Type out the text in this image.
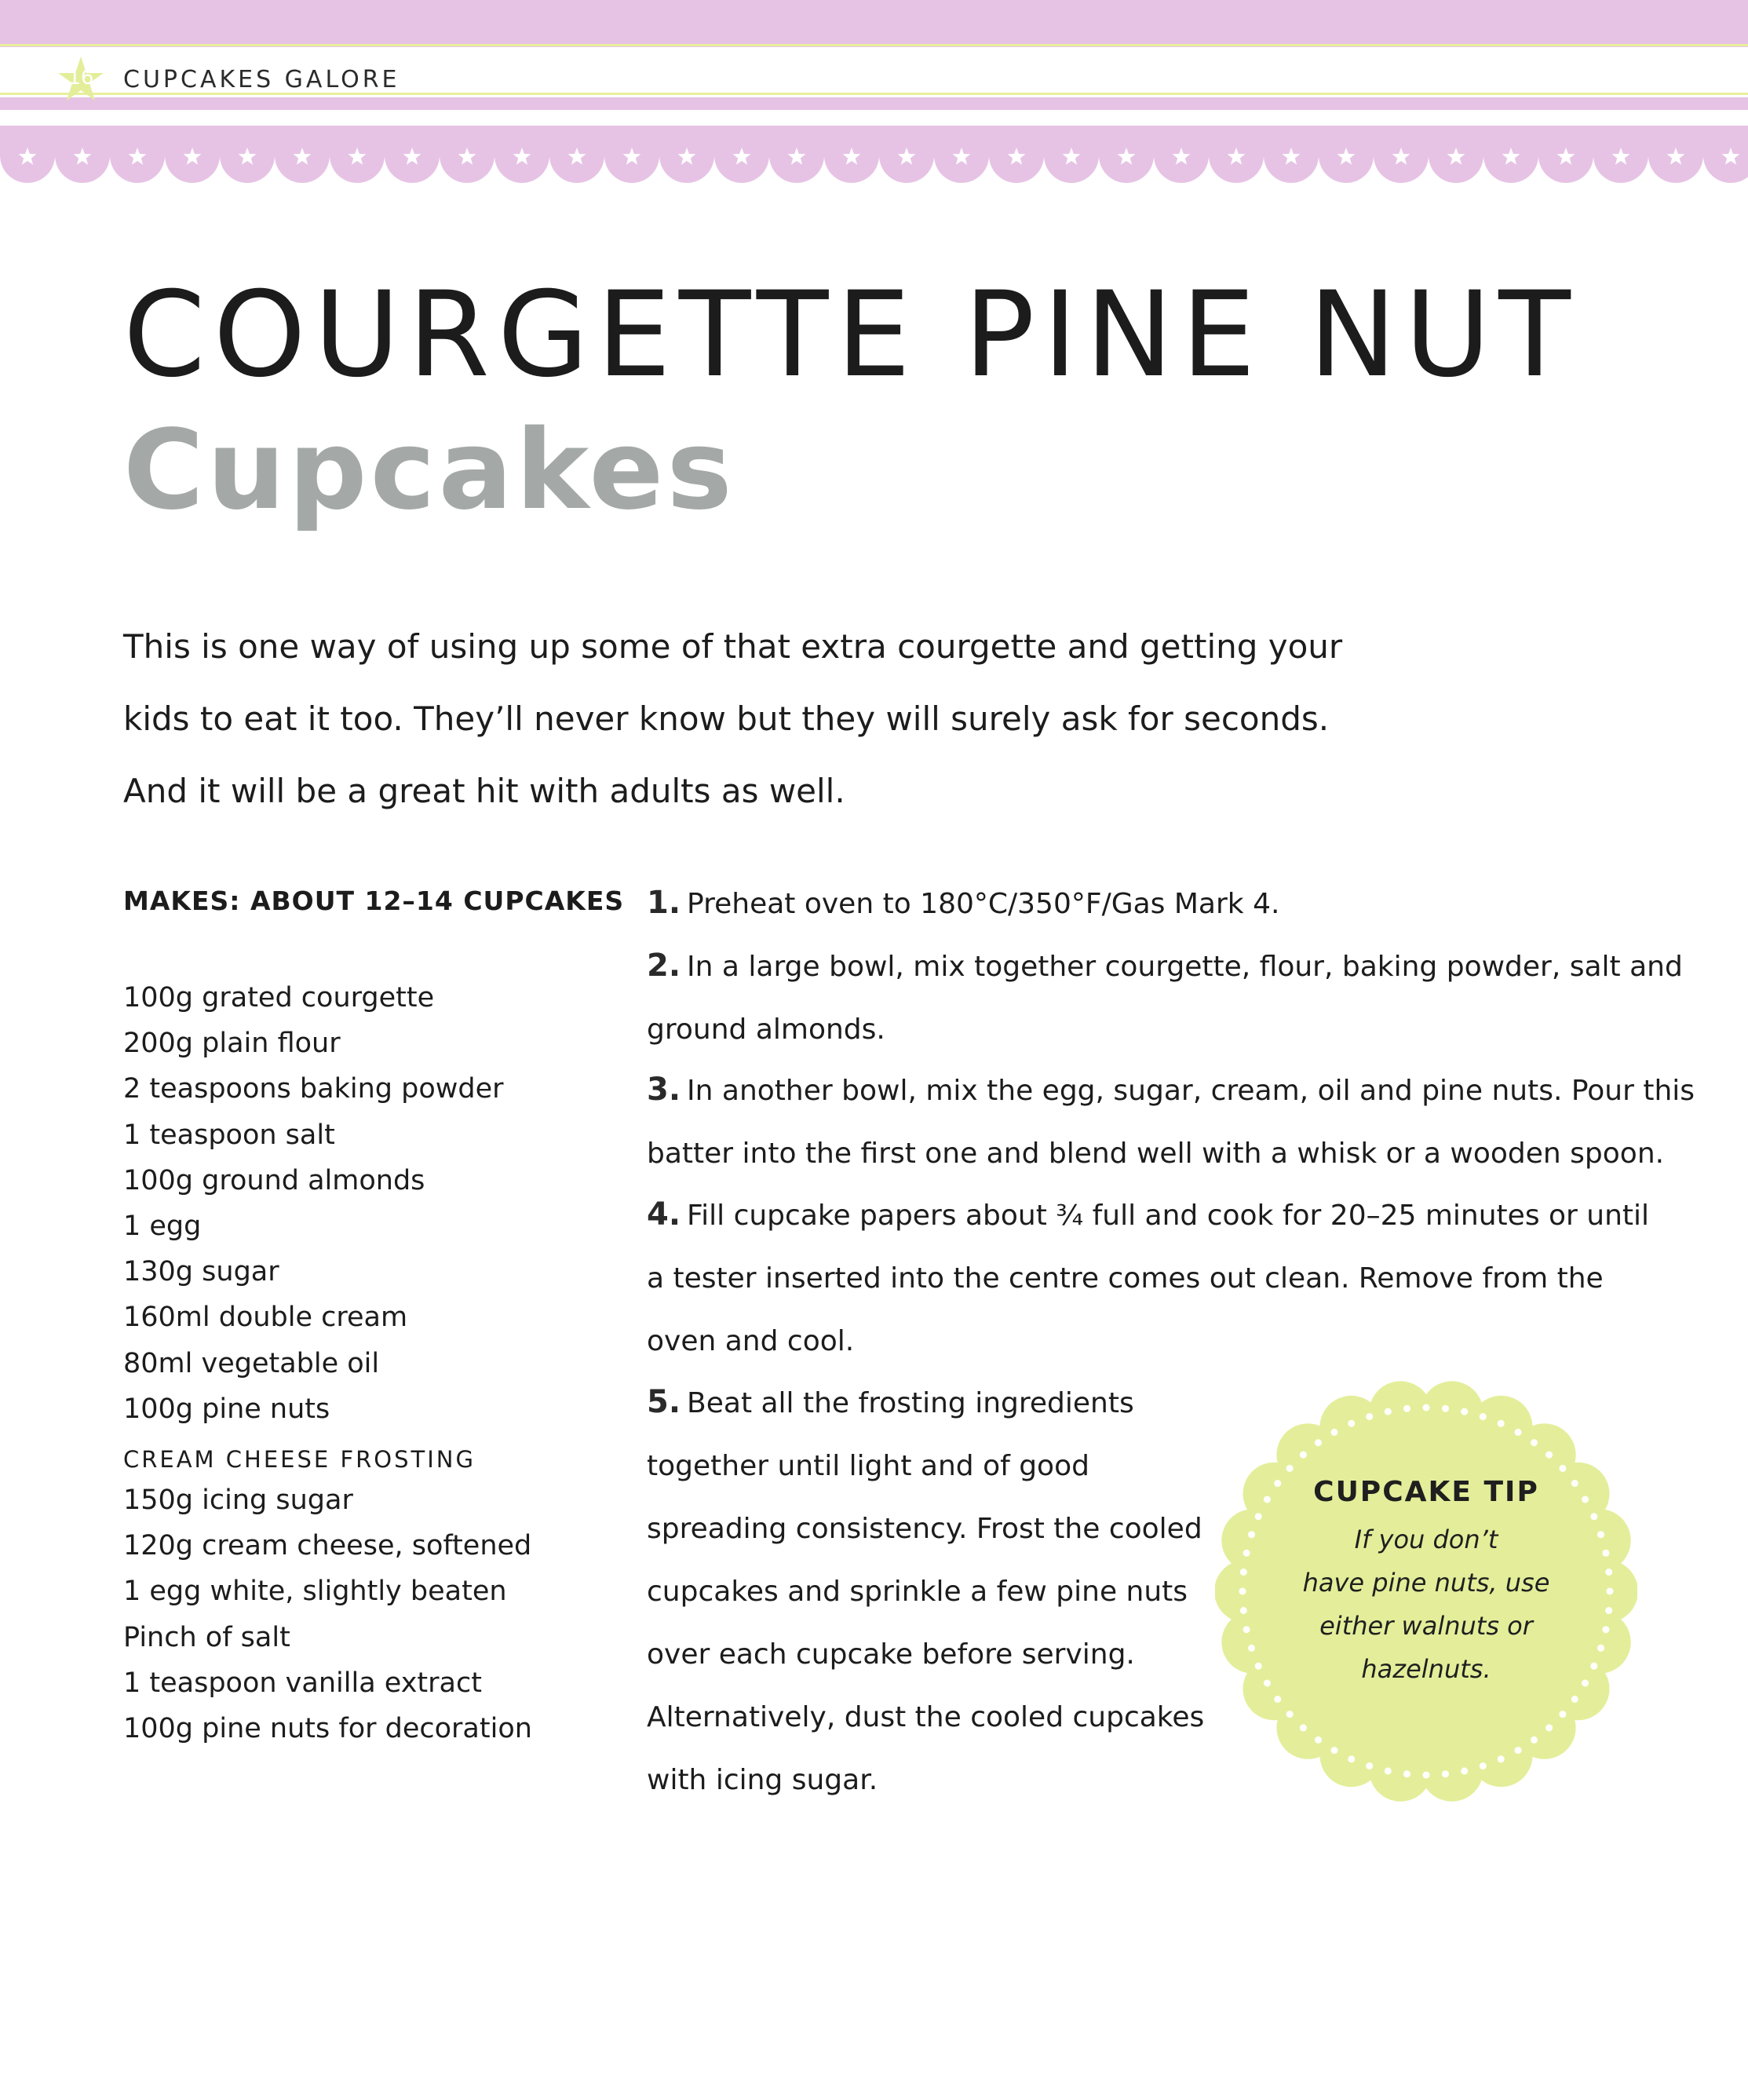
16	CUPCAKES GALORE
COURGETTE PINE NUT
Cupcakes

This is one way of using up some of that extra courgette and getting your
kids to eat it too. They’ll never know but they will surely ask for seconds.
And it will be a great hit with adults as well.

MAKES: ABOUT 12–14 CUPCAKES
100g grated courgette
200g plain flour
2 teaspoons baking powder
1 teaspoon salt
100g ground almonds
1 egg
130g sugar
160ml double cream
80ml vegetable oil
100g pine nuts
CREAM CHEESE FROSTING
150g icing sugar
120g cream cheese, softened
1 egg white, slightly beaten
Pinch of salt
1 teaspoon vanilla extract
100g pine nuts for decoration
1. Preheat oven to 180°C/350°F/Gas Mark 4.
2. In a large bowl, mix together courgette, flour, baking powder, salt and
ground almonds.
3. In another bowl, mix the egg, sugar, cream, oil and pine nuts. Pour this
batter into the first one and blend well with a whisk or a wooden spoon.
4. Fill cupcake papers about ¾ full and cook for 20–25 minutes or until
a tester inserted into the centre comes out clean. Remove from the
oven and cool.
CUPCAKE TIP

If you don’t
have pine nuts, use
either walnuts or
hazelnuts.

5. Beat all the frosting ingredients
together until light and of good
spreading consistency. Frost the cooled
cupcakes and sprinkle a few pine nuts
over each cupcake before serving.
Alternatively, dust the cooled cupcakes
with icing sugar.
